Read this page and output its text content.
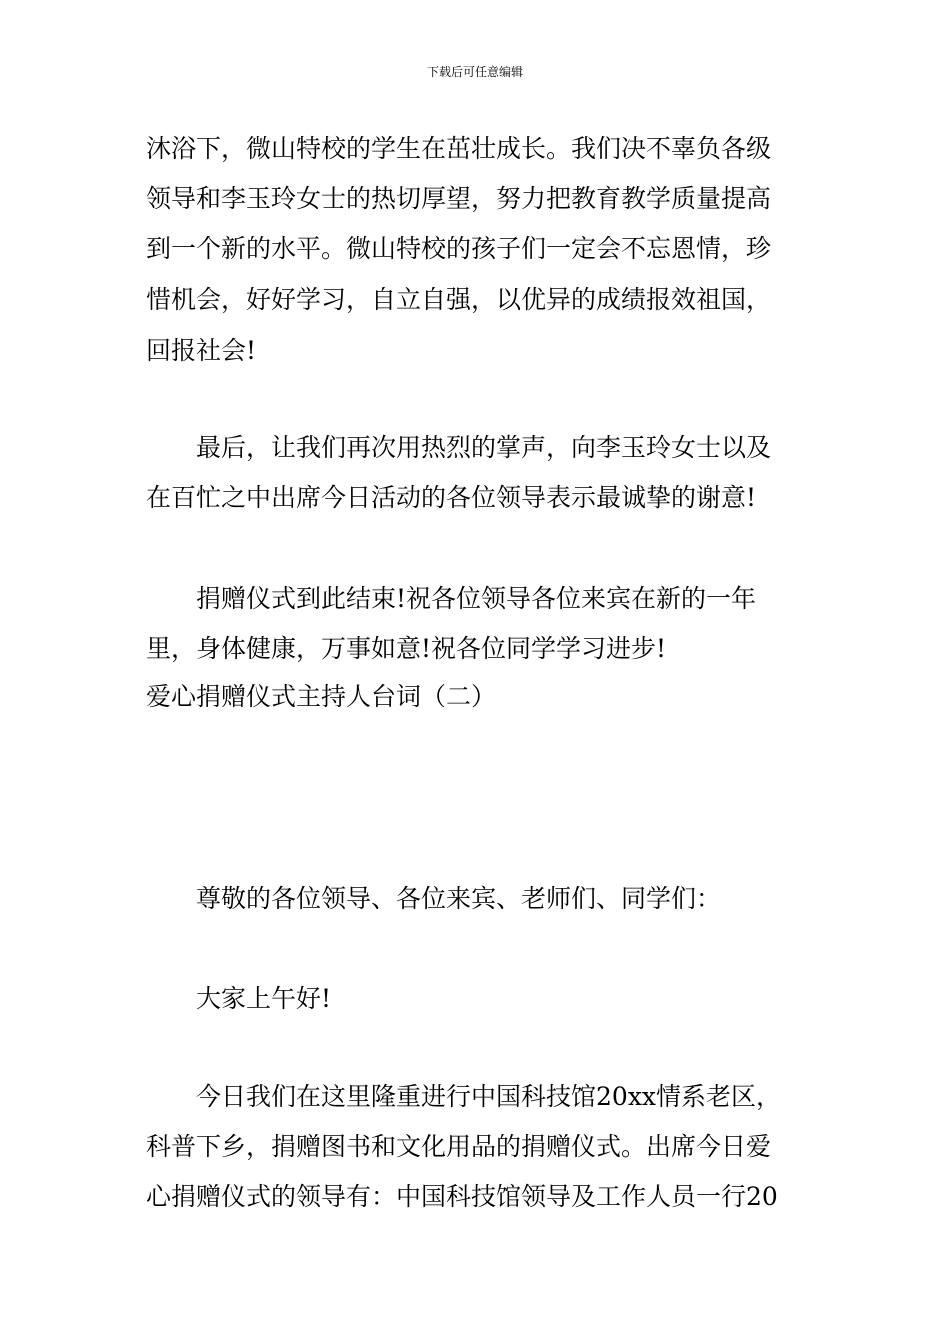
下载后可任意编辑
沐浴下，微山特校的学生在茁壮成长。我们决不辜负各级
领导和李玉玲女士的热切厚望，努力把教育教学质量提高
到一个新的水平。微山特校的孩子们一定会不忘恩情，珍
惜机会，好好学习，自立自强，以优异的成绩报效祖国，
回报社会!
最后，让我们再次用热烈的掌声，向李玉玲女士以及
在百忙之中出席今日活动的各位领导表示最诚挚的谢意!
捐赠仪式到此结束!祝各位领导各位来宾在新的一年
里，身体健康，万事如意!祝各位同学学习进步!
爱心捐赠仪式主持人台词（二）
尊敬的各位领导、各位来宾、老师们、同学们：
大家上午好!
今日我们在这里隆重进行中国科技馆20xx情系老区，
科普下乡，捐赠图书和文化用品的捐赠仪式。出席今日爱
心捐赠仪式的领导有：中国科技馆领导及工作人员一行20
